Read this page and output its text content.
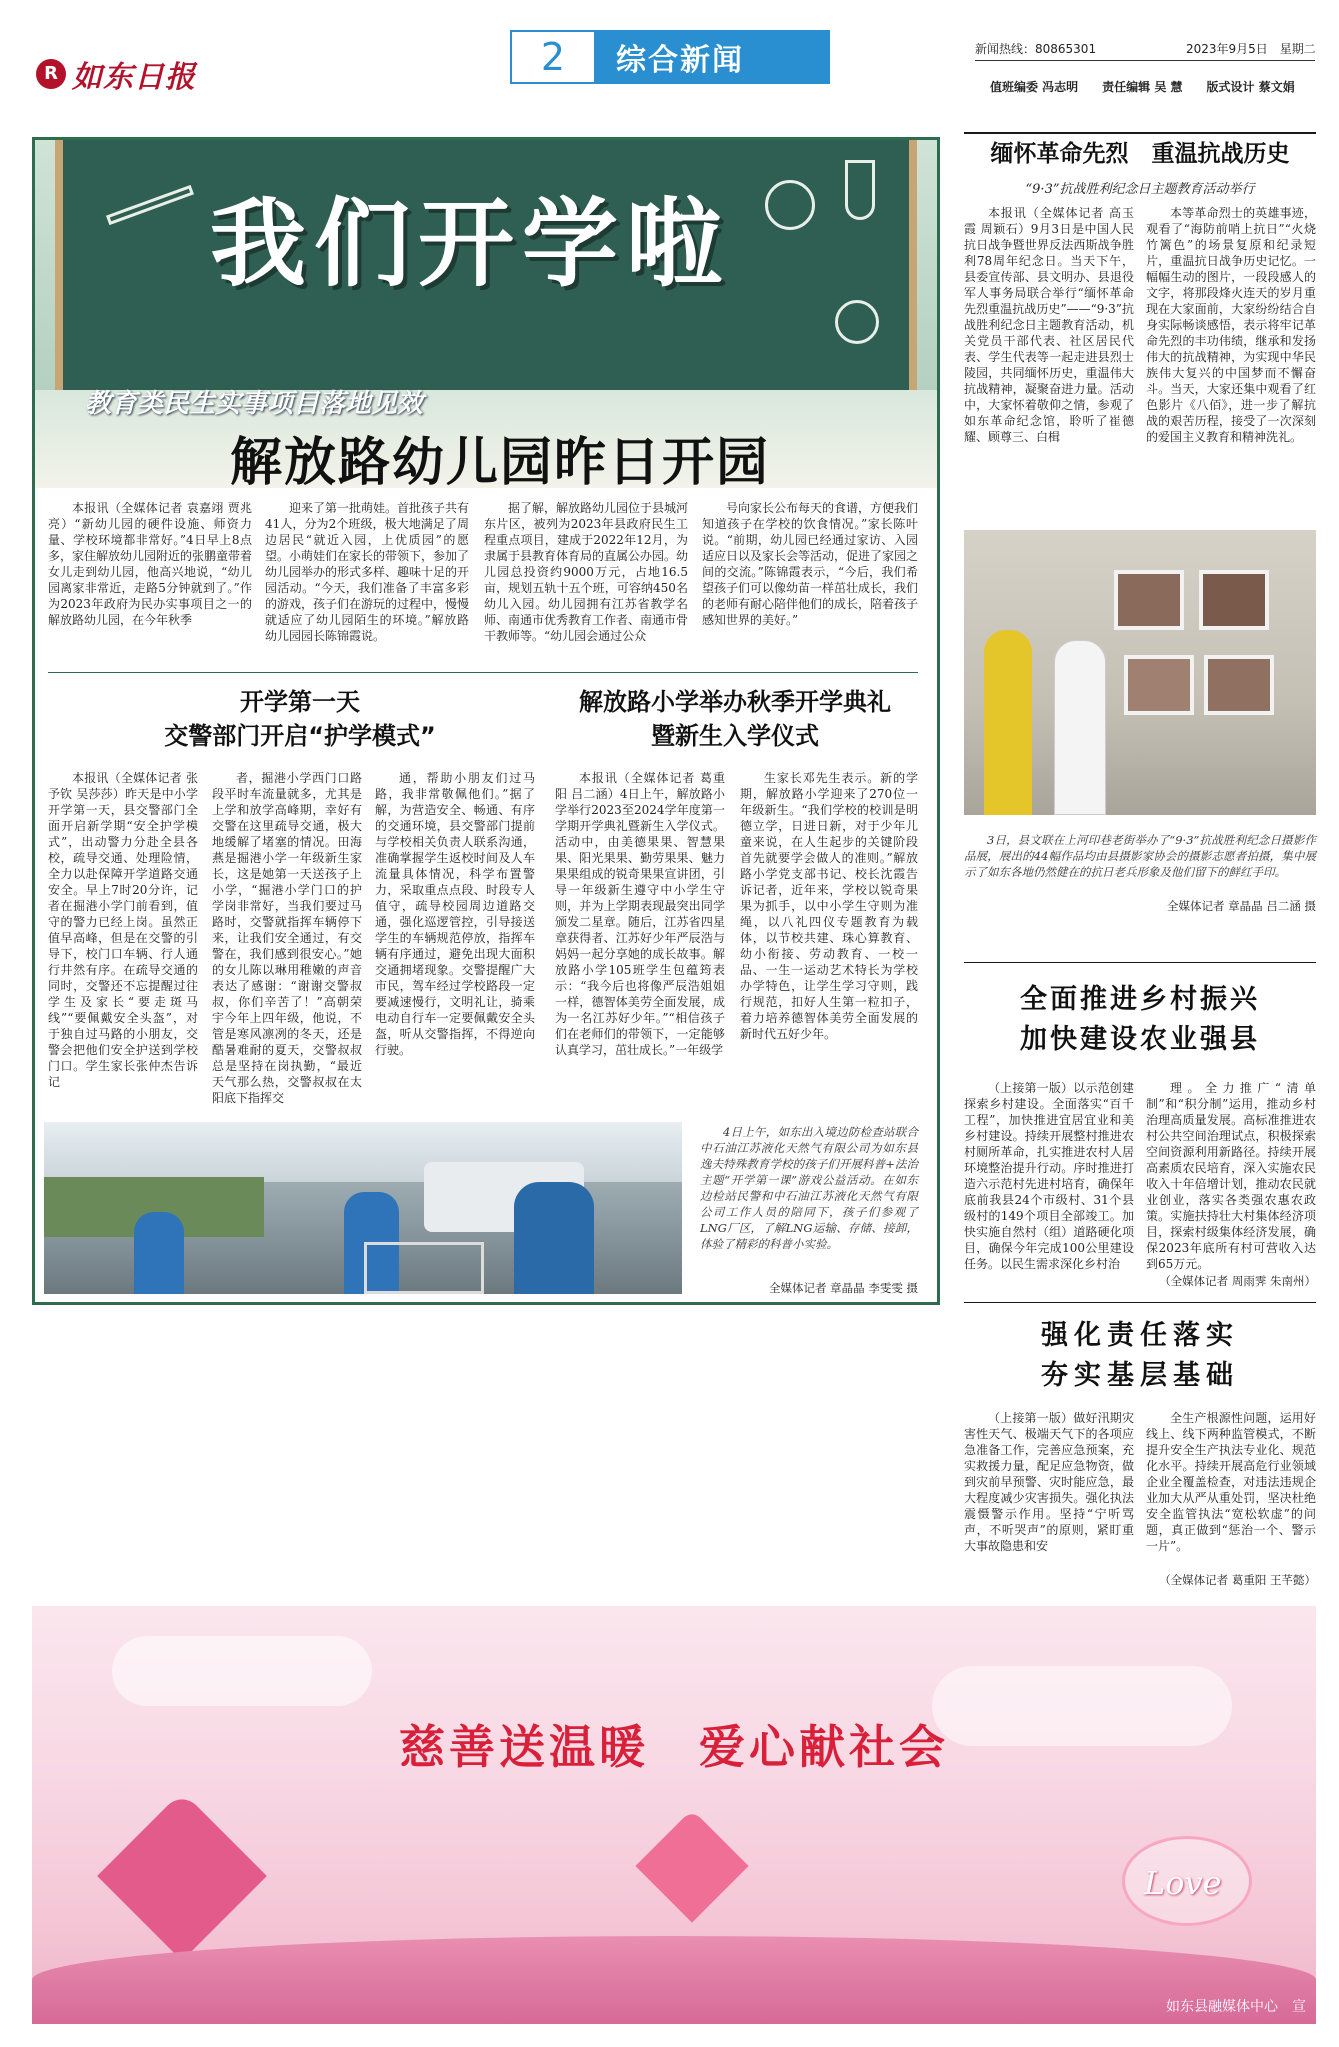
R 如东日报	2	综合新闻	新闻热线：80865301	2023年9月5日　星期二
值班编委 冯志明　　责任编辑 吴 慧　　版式设计 蔡文娟
我们开学啦
教育类民生实事项目落地见效
解放路幼儿园昨日开园

本报讯（全媒体记者 袁嘉翊 贾兆亮）“新幼儿园的硬件设施、师资力量、学校环境都非常好。”4日早上8点多，家住解放幼儿园附近的张鹏童带着女儿走到幼儿园，他高兴地说，“幼儿园离家非常近，走路5分钟就到了。”作为2023年政府为民办实事项目之一的解放路幼儿园，在今年秋季

迎来了第一批萌娃。首批孩子共有41人，分为2个班级，极大地满足了周边居民“就近入园，上优质园”的愿望。小萌娃们在家长的带领下，参加了幼儿园举办的形式多样、趣味十足的开园活动。“今天，我们准备了丰富多彩的游戏，孩子们在游玩的过程中，慢慢就适应了幼儿园陌生的环境。”解放路幼儿园园长陈锦霞说。

据了解，解放路幼儿园位于县城河东片区，被列为2023年县政府民生工程重点项目，建成于2022年12月，为隶属于县教育体育局的直属公办园。幼儿园总投资约9000万元，占地16.5亩，规划五轨十五个班，可容纳450名幼儿入园。幼儿园拥有江苏省教学名师、南通市优秀教育工作者、南通市骨干教师等。“幼儿园会通过公众

号向家长公布每天的食谱，方便我们知道孩子在学校的饮食情况。”家长陈叶说。“前期，幼儿园已经通过家访、入园适应日以及家长会等活动，促进了家园之间的交流。”陈锦霞表示，“今后，我们希望孩子们可以像幼苗一样茁壮成长，我们的老师有耐心陪伴他们的成长，陪着孩子感知世界的美好。”

开学第一天
交警部门开启“护学模式”
解放路小学举办秋季开学典礼
暨新生入学仪式

本报讯（全媒体记者 张予钦 吴莎莎）昨天是中小学开学第一天，县交警部门全面开启新学期“安全护学模式”，出动警力分赴全县各校，疏导交通、处理险情，全力以赴保障开学道路交通安全。早上7时20分许，记者在掘港小学门前看到，值守的警力已经上岗。虽然正值早高峰，但是在交警的引导下，校门口车辆、行人通行井然有序。在疏导交通的同时，交警还不忘提醒过往学生及家长“要走斑马线”“要佩戴安全头盔”，对于独自过马路的小朋友，交警会把他们安全护送到学校门口。学生家长张仲杰告诉记

者，掘港小学西门口路段平时车流量就多，尤其是上学和放学高峰期，幸好有交警在这里疏导交通，极大地缓解了堵塞的情况。田海燕是掘港小学一年级新生家长，这是她第一天送孩子上小学，“掘港小学门口的护学岗非常好，当我们要过马路时，交警就指挥车辆停下来，让我们安全通过，有交警在，我们感到很安心。”她的女儿陈以琳用稚嫩的声音表达了感谢：“谢谢交警叔叔，你们辛苦了！”高朝荣宇今年上四年级，他说，不管是寒风凛冽的冬天，还是酷暑难耐的夏天，交警叔叔总是坚持在岗执勤，“最近天气那么热，交警叔叔在太阳底下指挥交

通，帮助小朋友们过马路，我非常敬佩他们。”据了解，为营造安全、畅通、有序的交通环境，县交警部门提前与学校相关负责人联系沟通，准确掌握学生返校时间及人车流量具体情况，科学布置警力，采取重点点段、时段专人值守，疏导校园周边道路交通，强化巡逻管控，引导接送学生的车辆规范停放，指挥车辆有序通过，避免出现大面积交通拥堵现象。交警提醒广大市民，驾车经过学校路段一定要减速慢行，文明礼让，骑乘电动自行车一定要佩戴安全头盔，听从交警指挥，不得逆向行驶。

本报讯（全媒体记者 葛重阳 吕二涵）4日上午，解放路小学举行2023至2024学年度第一学期开学典礼暨新生入学仪式。活动中，由美德果果、智慧果果、阳光果果、勤劳果果、魅力果果组成的锐奇果果宣讲团，引导一年级新生遵守中小学生守则，并为上学期表现最突出同学颁发二星章。随后，江苏省四星章获得者、江苏好少年严辰浩与妈妈一起分享她的成长故事。解放路小学105班学生包蕴筠表示：“我今后也将像严辰浩姐姐一样，德智体美劳全面发展，成为一名江苏好少年。”“相信孩子们在老师们的带领下，一定能够认真学习，茁壮成长。”一年级学

生家长邓先生表示。新的学期，解放路小学迎来了270位一年级新生。“我们学校的校训是明德立学，日进日新，对于少年儿童来说，在人生起步的关键阶段首先就要学会做人的准则。”解放路小学党支部书记、校长沈霞告诉记者，近年来，学校以锐奇果果为抓手，以中小学生守则为准绳，以八礼四仪专题教育为载体，以节校共建、珠心算教育、幼小衔接、劳动教育、一校一品、一生一运动艺术特长为学校办学特色，让学生学习守则，践行规范，扣好人生第一粒扣子，着力培养德智体美劳全面发展的新时代五好少年。

4日上午，如东出入境边防检查站联合中石油江苏液化天然气有限公司为如东县逸夫特殊教育学校的孩子们开展科普+法治主题“开学第一课”游戏公益活动。在如东边检站民警和中石油江苏液化天然气有限公司工作人员的陪同下，孩子们参观了LNG厂区，了解LNG运输、存储、接卸，体验了精彩的科普小实验。
全媒体记者 章晶晶 李雯雯 摄
缅怀革命先烈　重温抗战历史
“9·3”抗战胜利纪念日主题教育活动举行

本报讯（全媒体记者 高玉霞 周颖石）9月3日是中国人民抗日战争暨世界反法西斯战争胜利78周年纪念日。当天下午，县委宣传部、县文明办、县退役军人事务局联合举行“缅怀革命先烈重温抗战历史”——“9·3”抗战胜利纪念日主题教育活动，机关党员干部代表、社区居民代表、学生代表等一起走进县烈士陵园，共同缅怀历史，重温伟大抗战精神，凝聚奋进力量。活动中，大家怀着敬仰之情，参观了如东革命纪念馆，聆听了崔德耀、顾尊三、白楫

本等革命烈士的英雄事迹，观看了“海防前哨上抗日”“火烧竹篱色”的场景复原和纪录短片，重温抗日战争历史记忆。一幅幅生动的图片，一段段感人的文字，将那段烽火连天的岁月重现在大家面前，大家纷纷结合自身实际畅谈感悟，表示将牢记革命先烈的丰功伟绩，继承和发扬伟大的抗战精神，为实现中华民族伟大复兴的中国梦而不懈奋斗。当天，大家还集中观看了红色影片《八佰》，进一步了解抗战的艰苦历程，接受了一次深刻的爱国主义教育和精神洗礼。

3日，县文联在上河印巷老街举办了“9·3”抗战胜利纪念日摄影作品展，展出的44幅作品均由县摄影家协会的摄影志愿者拍摄，集中展示了如东各地仍然健在的抗日老兵形象及他们留下的鲜红手印。
全媒体记者 章晶晶 吕二涵 摄
全面推进乡村振兴
加快建设农业强县

（上接第一版）以示范创建探索乡村建设。全面落实“百千工程”，加快推进宜居宜业和美乡村建设。持续开展整村推进农村厕所革命，扎实推进农村人居环境整治提升行动。序时推进打造六示范村先进村培育，确保年底前我县24个市级村、31个县级村的149个项目全部竣工。加快实施自然村（组）道路硬化项目，确保今年完成100公里建设任务。以民生需求深化乡村治

理。全力推广“清单制”和“积分制”运用，推动乡村治理高质量发展。高标准推进农村公共空间治理试点，积极探索空间资源利用新路径。持续开展高素质农民培育，深入实施农民收入十年倍增计划，推动农民就业创业，落实各类强农惠农政策。实施扶持壮大村集体经济项目，探索村级集体经济发展，确保2023年底所有村可营收入达到65万元。

（全媒体记者 周雨霁 朱南州）
强化责任落实
夯实基层基础

（上接第一版）做好汛期灾害性天气、极端天气下的各项应急准备工作，完善应急预案，充实救援力量，配足应急物资，做到灾前早预警、灾时能应急，最大程度减少灾害损失。强化执法震慑警示作用。坚持“宁听骂声，不听哭声”的原则，紧盯重大事故隐患和安

全生产根源性问题，运用好线上、线下两种监管模式，不断提升安全生产执法专业化、规范化水平。持续开展高危行业领域企业全覆盖检查，对违法违规企业加大从严从重处罚，坚决杜绝安全监管执法“宽松软虚”的问题，真正做到“惩治一个、警示一片”。

（全媒体记者 葛重阳 王芊懿）
慈善送温暖　爱心献社会
Love
如东县融媒体中心　宣
